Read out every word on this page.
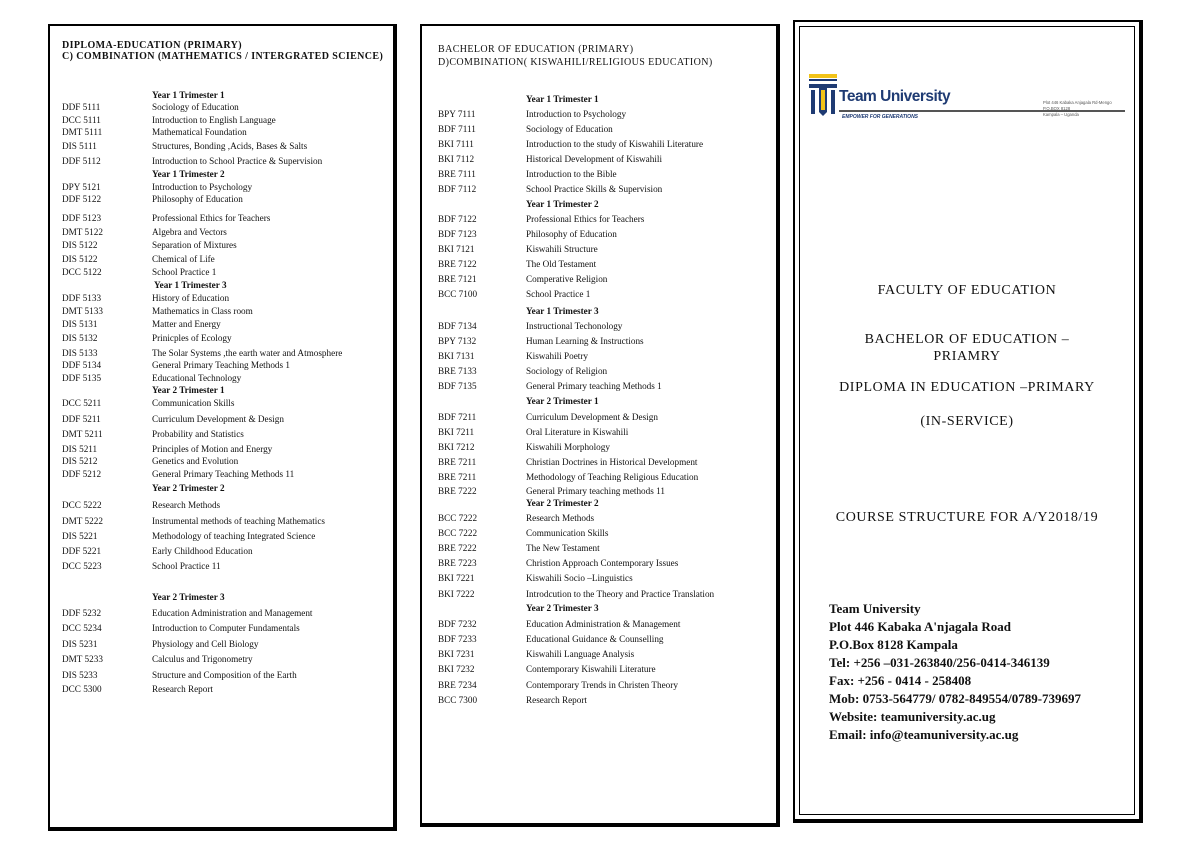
DIPLOMA-EDUCATION (PRIMARY)
C) COMBINATION (MATHEMATICS / INTERGRATED SCIENCE)
Year 1 Trimester 1
DDF 5111	Sociology of Education
DCC 5111	Introduction to English Language
DMT 5111	Mathematical Foundation
DIS 5111	Structures, Bonding ,Acids, Bases & Salts
DDF 5112	Introduction to School Practice & Supervision
Year 1 Trimester 2
DPY 5121	Introduction to Psychology
DDF 5122	Philosophy of Education
DDF 5123	Professional Ethics for Teachers
DMT 5122	Algebra and Vectors
DIS 5122	Separation of Mixtures
DIS 5122	Chemical of Life
DCC 5122	School Practice 1
Year 1 Trimester 3
DDF 5133	History of Education
DMT 5133	Mathematics in Class room
DIS 5131	Matter and Energy
DIS 5132	Prinicples of Ecology
DIS 5133	The Solar Systems ,the earth water and Atmosphere
DDF 5134	General Primary Teaching Methods 1
DDF 5135	Educational Technology
Year 2 Trimester 1
DCC 5211	Communication Skills
DDF 5211	Curriculum Development & Design
DMT 5211	Probability and Statistics
DIS 5211	Principles of Motion and Energy
DIS 5212	Genetics and Evolution
DDF 5212	General Primary Teaching Methods 11
Year 2 Trimester 2
DCC 5222	Research Methods
DMT 5222	Instrumental methods of teaching Mathematics
DIS 5221	Methodology of teaching Integrated Science
DDF 5221	Early Childhood Education
DCC 5223	School Practice 11
Year 2 Trimester 3
DDF 5232	Education Administration and Management
DCC 5234	Introduction to Computer Fundamentals
DIS 5231	Physiology and Cell Biology
DMT 5233	Calculus and Trigonometry
DIS 5233	Structure and Composition of the Earth
DCC 5300	Research Report
BACHELOR OF EDUCATION (PRIMARY)
D)COMBINATION( KISWAHILI/RELIGIOUS EDUCATION)
Year 1 Trimester 1
BPY 7111	Introduction to Psychology
BDF 7111	Sociology of Education
BKI 7111	Introduction to the study of Kiswahili Literature
BKI 7112	Historical Development of Kiswahili
BRE 7111	Introduction to the Bible
BDF 7112	School Practice Skills & Supervision
Year 1 Trimester 2
BDF 7122	Professional Ethics for Teachers
BDF 7123	Philosophy of Education
BKI 7121	Kiswahili Structure
BRE 7122	The Old Testament
BRE 7121	Comperative Religion
BCC 7100	School Practice 1
Year 1 Trimester 3
BDF 7134	Instructional Techonology
BPY 7132	Human Learning & Instructions
BKI 7131	Kiswahili Poetry
BRE 7133	Sociology of Religion
BDF 7135	General Primary teaching Methods 1
Year 2 Trimester 1
BDF 7211	Curriculum Development & Design
BKI 7211	Oral Literature in Kiswahili
BKI 7212	Kiswahili Morphology
BRE 7211	Christian Doctrines in Historical Development
BRE 7211	Methodology of Teaching Religious Education
BRE 7222	General Primary teaching methods 11
Year 2 Trimester 2
BCC 7222	Research Methods
BCC 7222	Communication Skills
BRE 7222	The New Testament
BRE 7223	Christion Approach Contemporary Issues
BKI 7221	Kiswahili Socio –Linguistics
BKI 7222	Introdcution to the Theory and Practice Translation
Year 2 Trimester 3
BDF 7232	Education Administration & Management
BDF 7233	Educational Guidance & Counselling
BKI 7231	Kiswahili Language Analysis
BKI 7232	Contemporary Kiswahili Literature
BRE 7234	Contemporary Trends in Christen Theory
BCC 7300	Research Report
Team University
EMPOWER FOR GENERATIONS
Plot 446 Kabaka Anjagala Rd-Mengo
P.O.BOX 8128
Kampala – Uganda
FACULTY OF EDUCATION
BACHELOR OF EDUCATION –
PRIAMRY
DIPLOMA IN EDUCATION –PRIMARY
(IN-SERVICE)
COURSE STRUCTURE FOR A/Y2018/19
Team University
Plot 446 Kabaka A'njagala Road
P.O.Box 8128 Kampala
Tel: +256 –031-263840/256-0414-346139
Fax: +256 - 0414 - 258408
Mob: 0753-564779/ 0782-849554/0789-739697
Website: teamuniversity.ac.ug
Email: info@teamuniversity.ac.ug
